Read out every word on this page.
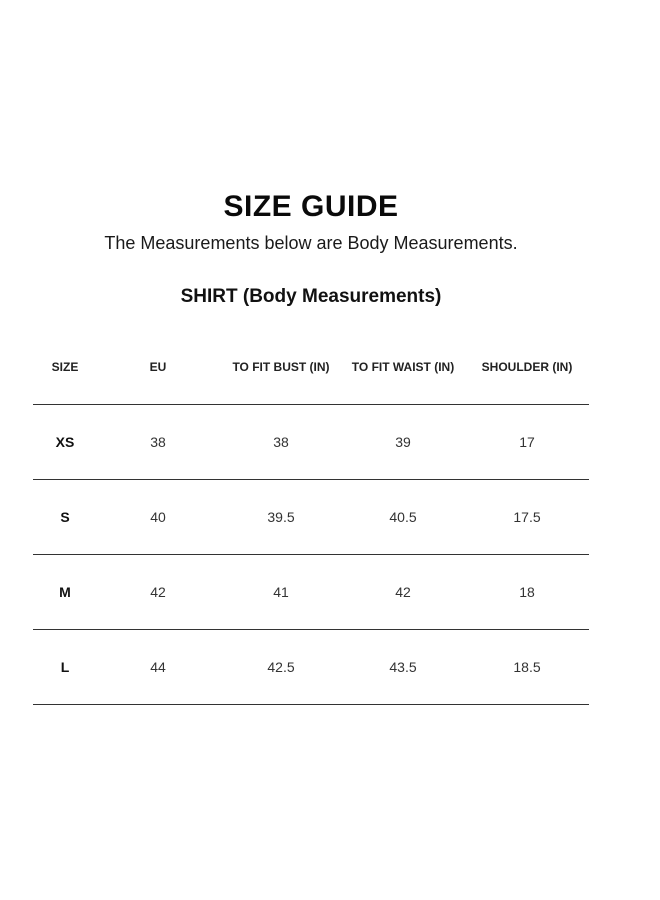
SIZE GUIDE
The Measurements below are Body Measurements.
SHIRT (Body Measurements)
SIZE	EU	TO FIT BUST (IN)	TO FIT WAIST (IN)	SHOULDER (IN)
XS	38	38	39	17
S	40	39.5	40.5	17.5
M	42	41	42	18
L	44	42.5	43.5	18.5
